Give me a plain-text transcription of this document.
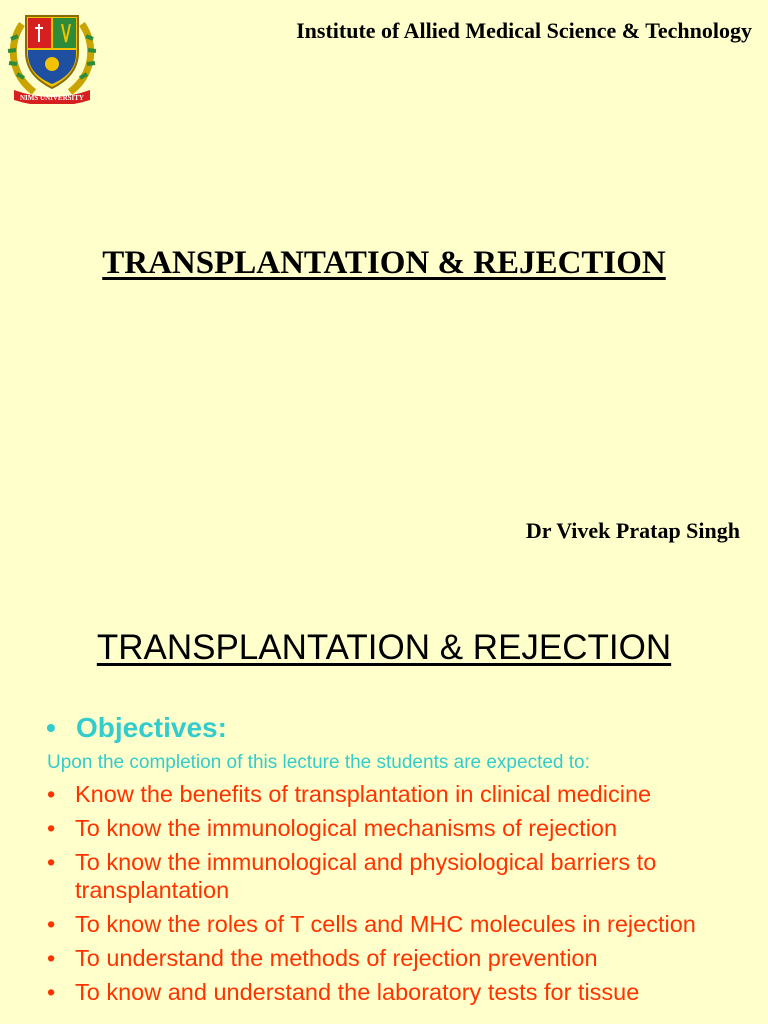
NIMS UNIVERSITY
Institute of Allied Medical Science & Technology
TRANSPLANTATION & REJECTION
Dr Vivek Pratap Singh
TRANSPLANTATION & REJECTION
• Objectives:
Upon the completion of this lecture the students are expected to:
• Know the benefits of transplantation in clinical medicine
• To know the immunological mechanisms of rejection
• To know the immunological and physiological barriers to transplantation
• To know the roles of T cells and MHC molecules in rejection
• To understand the methods of rejection prevention
• To know and understand the laboratory tests for tissue
